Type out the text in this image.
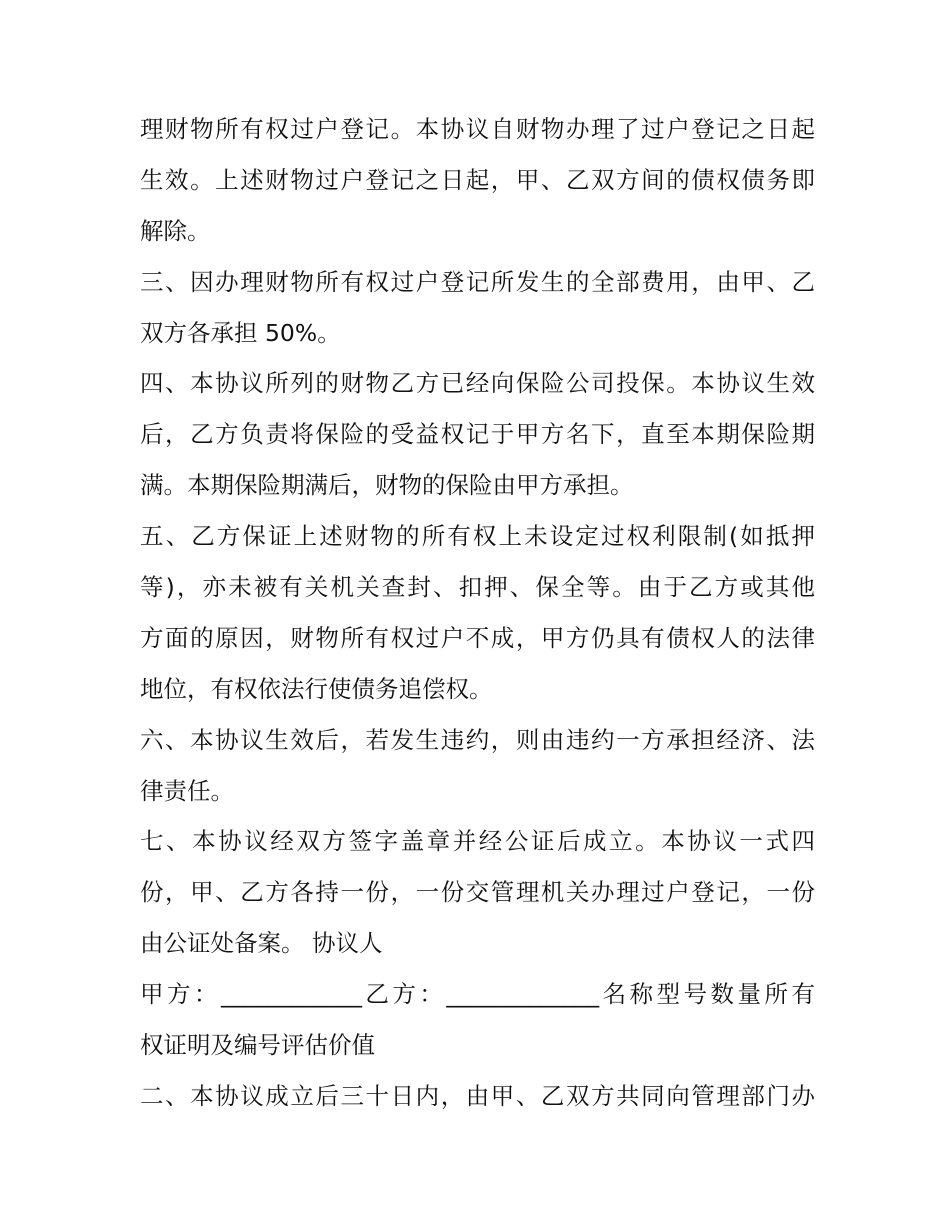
理财物所有权过户登记。本协议自财物办理了过户登记之日起
生效。上述财物过户登记之日起，甲、乙双方间的债权债务即
解除。
三、因办理财物所有权过户登记所发生的全部费用，由甲、乙
双方各承担 50%。
四、本协议所列的财物乙方已经向保险公司投保。本协议生效
后，乙方负责将保险的受益权记于甲方名下，直至本期保险期
满。本期保险期满后，财物的保险由甲方承担。
五、乙方保证上述财物的所有权上未设定过权利限制(如抵押
等)，亦未被有关机关查封、扣押、保全等。由于乙方或其他
方面的原因，财物所有权过户不成，甲方仍具有债权人的法律
地位，有权依法行使债务追偿权。
六、本协议生效后，若发生违约，则由违约一方承担经济、法
律责任。
七、本协议经双方签字盖章并经公证后成立。本协议一式四
份，甲、乙方各持一份，一份交管理机关办理过户登记，一份
由公证处备案。 协议人
甲方：____________乙方：_____________名称型号数量所有
权证明及编号评估价值
二、本协议成立后三十日内，由甲、乙双方共同向管理部门办
